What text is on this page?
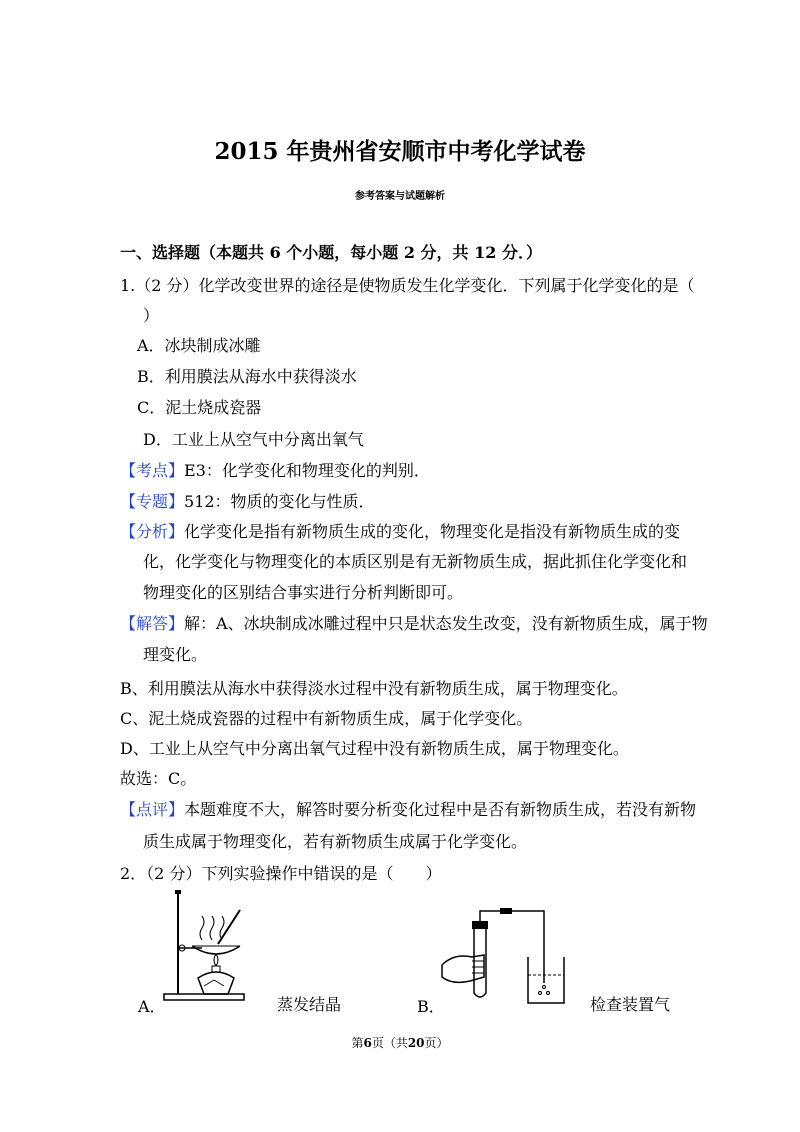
2015 年贵州省安顺市中考化学试卷
参考答案与试题解析
一、选择题（本题共 6 个小题，每小题 2 分，共 12 分．）
1.（2 分）化学改变世界的途径是使物质发生化学变化．下列属于化学变化的是（
）
A．冰块制成冰雕
B．利用膜法从海水中获得淡水
C．泥土烧成瓷器
D．工业上从空气中分离出氧气
【考点】E3：化学变化和物理变化的判别．
【专题】512：物质的变化与性质．
【分析】化学变化是指有新物质生成的变化，物理变化是指没有新物质生成的变
化，化学变化与物理变化的本质区别是有无新物质生成，据此抓住化学变化和
物理变化的区别结合事实进行分析判断即可。
【解答】解：A、冰块制成冰雕过程中只是状态发生改变，没有新物质生成，属于物
理变化。
B、利用膜法从海水中获得淡水过程中没有新物质生成，属于物理变化。
C、泥土烧成瓷器的过程中有新物质生成，属于化学变化。
D、工业上从空气中分离出氧气过程中没有新物质生成，属于物理变化。
故选：C。
【点评】本题难度不大，解答时要分析变化过程中是否有新物质生成，若没有新物
质生成属于物理变化，若有新物质生成属于化学变化。
2．（2 分）下列实验操作中错误的是（　　）
A．	蒸发结晶	B．	检查装置气
第6页（共20页）
